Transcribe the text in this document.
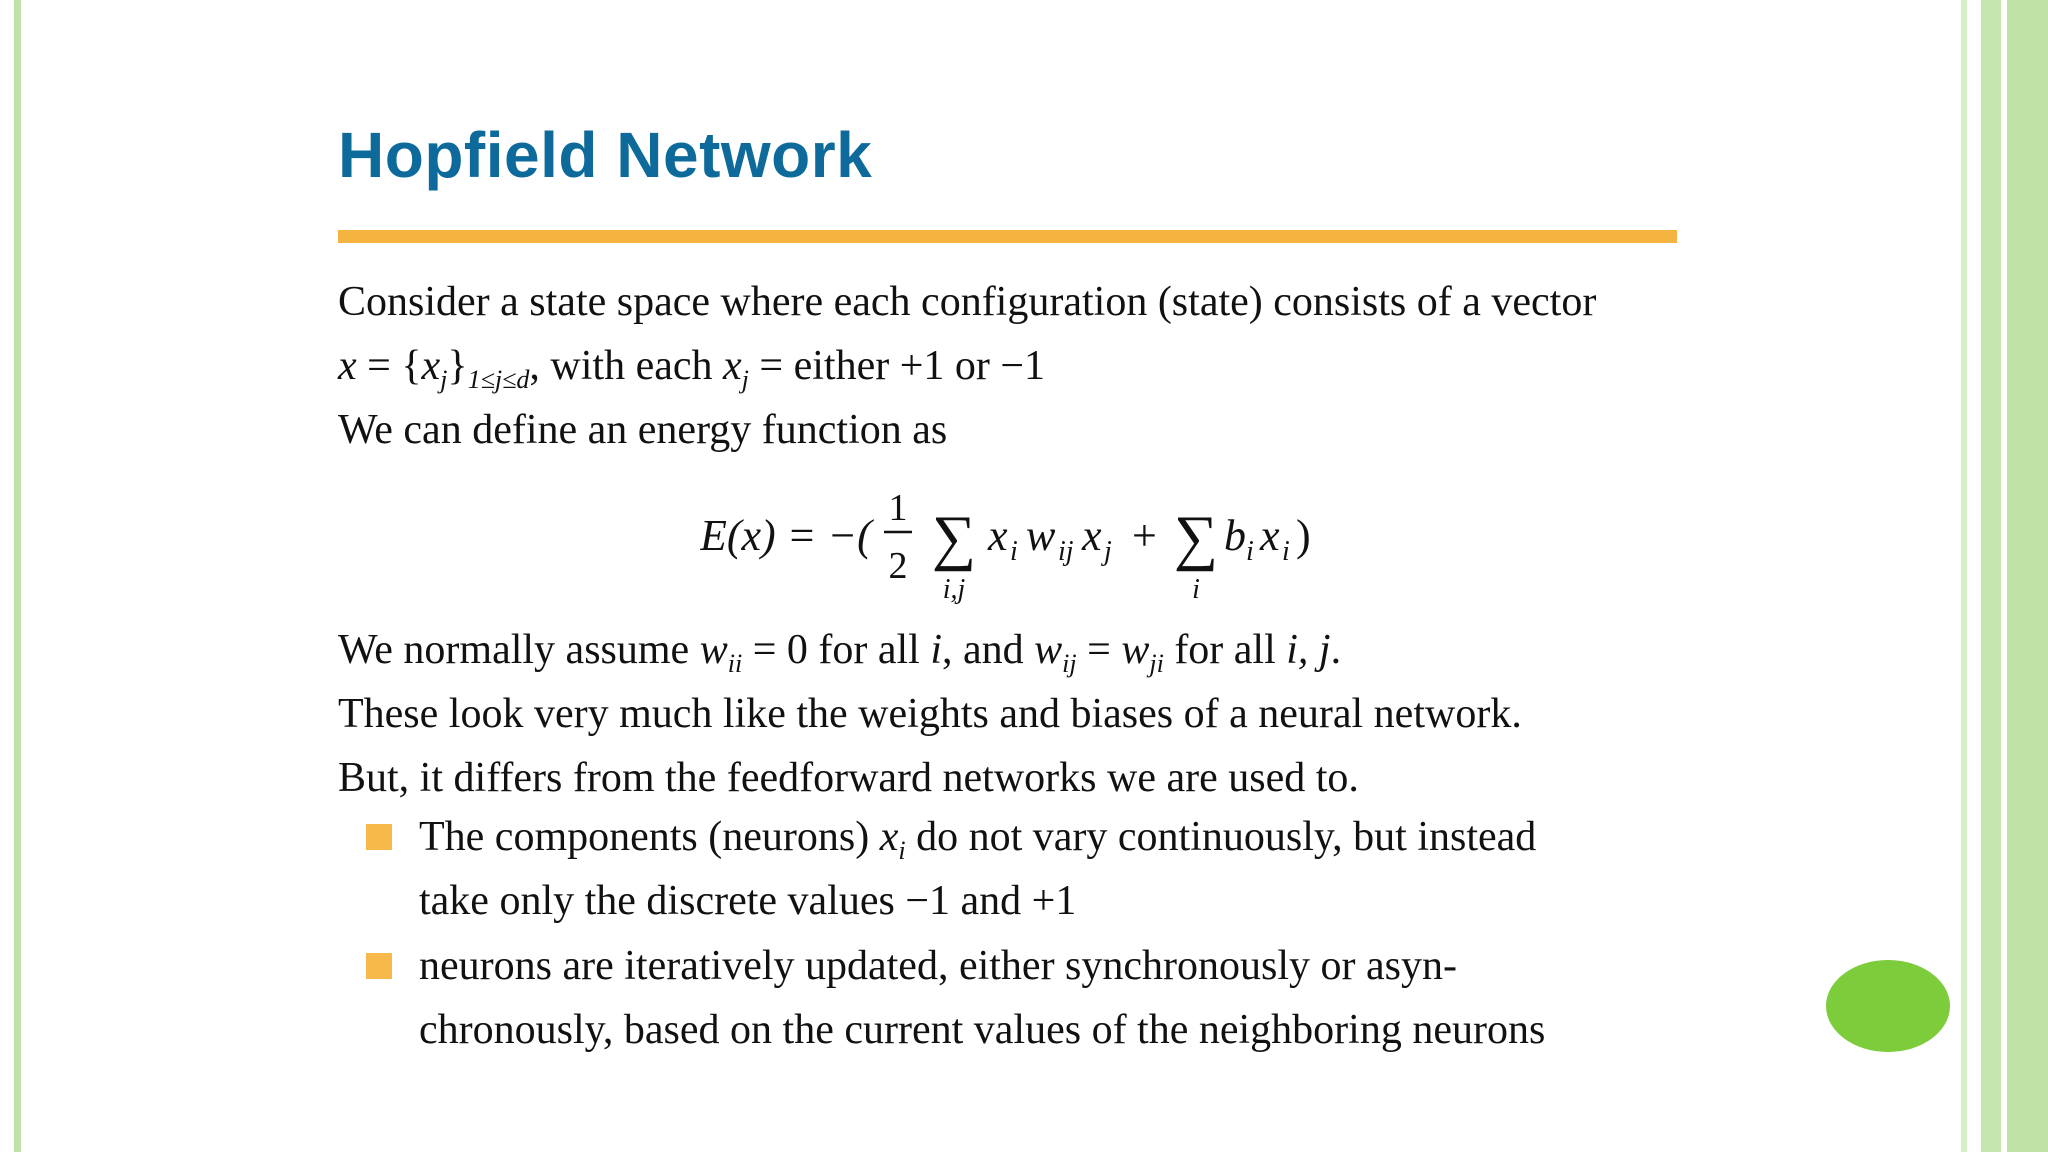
Hopfield Network
Consider a state space where each configuration (state) consists of a vector
$x = \{x_j\}_{1\le j\le d}$, with each $x_j$ = either +1 or −1
We can define an energy function as
E(x) = −(
1
2 ∑
i,j
x i w ij x j + ∑
i
b i x i )
We normally assume $w_{ii} = 0$ for all i, and $w_{ij} = w_{ji}$ for all i, j.
These look very much like the weights and biases of a neural network.
But, it differs from the feedforward networks we are used to.
The components (neurons) $x_i$ do not vary continuously, but instead
take only the discrete values −1 and +1
neurons are iteratively updated, either synchronously or asyn-
chronously, based on the current values of the neighboring neurons
